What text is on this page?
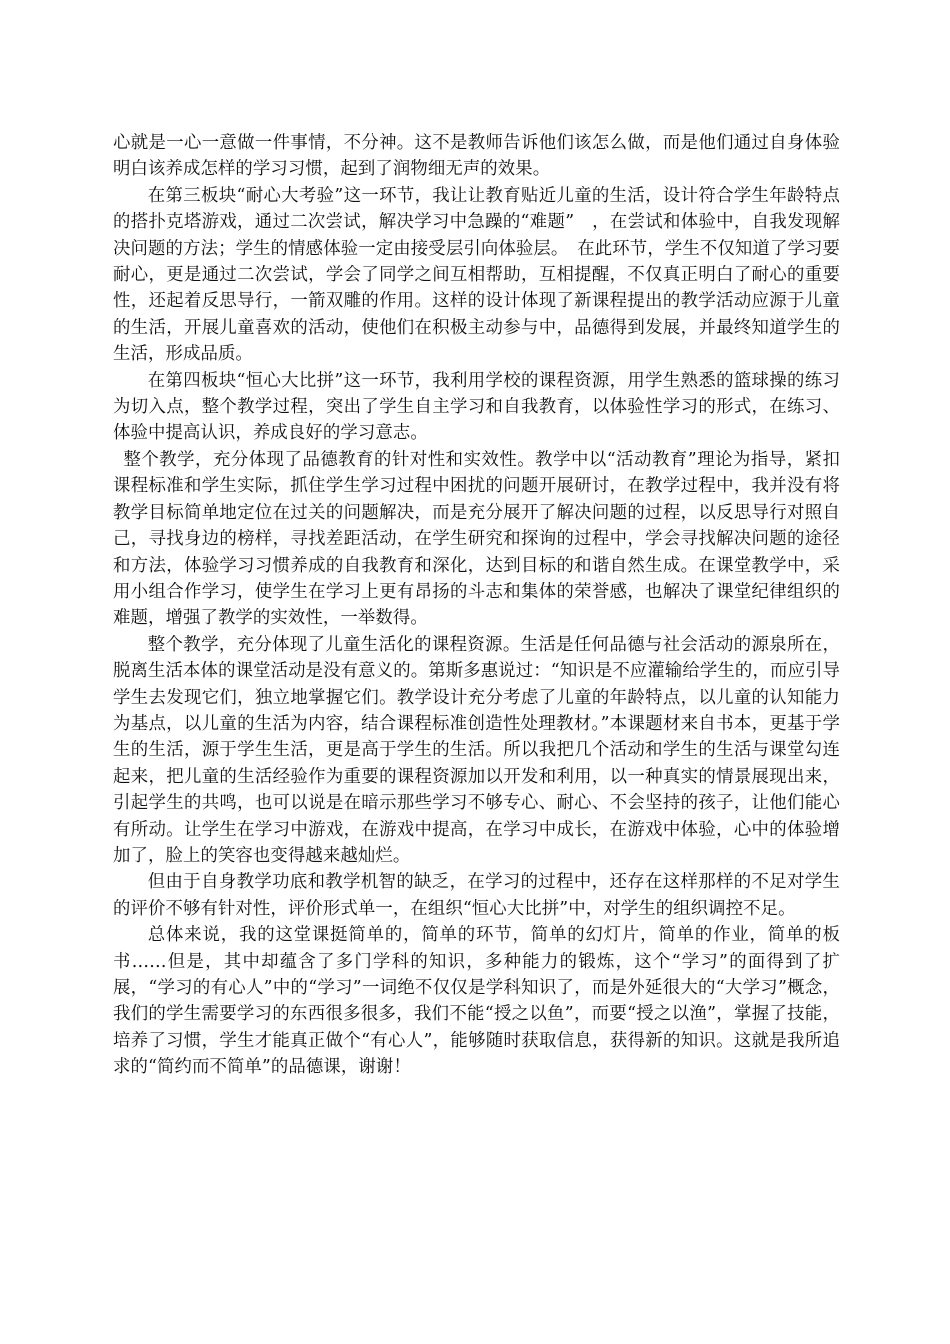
心就是一心一意做一件事情，不分神。这不是教师告诉他们该怎么做，而是他们通过自身体验明白该养成怎样的学习习惯，起到了润物细无声的效果。

在第三板块“耐心大考验”这一环节，我让让教育贴近儿童的生活，设计符合学生年龄特点的搭扑克塔游戏，通过二次尝试，解决学习中急躁的“难题”　，在尝试和体验中，自我发现解决问题的方法；学生的情感体验一定由接受层引向体验层。　在此环节，学生不仅知道了学习要耐心，更是通过二次尝试，学会了同学之间互相帮助，互相提醒，不仅真正明白了耐心的重要性，还起着反思导行，一箭双雕的作用。这样的设计体现了新课程提出的教学活动应源于儿童的生活，开展儿童喜欢的活动，使他们在积极主动参与中，品德得到发展，并最终知道学生的生活，形成品质。

在第四板块“恒心大比拼”这一环节，我利用学校的课程资源，用学生熟悉的篮球操的练习为切入点，整个教学过程，突出了学生自主学习和自我教育，以体验性学习的形式，在练习、体验中提高认识，养成良好的学习意志。

整个教学，充分体现了品德教育的针对性和实效性。教学中以“活动教育”理论为指导，紧扣课程标准和学生实际，抓住学生学习过程中困扰的问题开展研讨，在教学过程中，我并没有将教学目标简单地定位在过关的问题解决，而是充分展开了解决问题的过程，以反思导行对照自己，寻找身边的榜样，寻找差距活动，在学生研究和探询的过程中，学会寻找解决问题的途径和方法，体验学习习惯养成的自我教育和深化，达到目标的和谐自然生成。在课堂教学中，采用小组合作学习，使学生在学习上更有昂扬的斗志和集体的荣誉感，也解决了课堂纪律组织的难题，增强了教学的实效性，一举数得。

整个教学，充分体现了儿童生活化的课程资源。生活是任何品德与社会活动的源泉所在，脱离生活本体的课堂活动是没有意义的。第斯多惠说过：“知识是不应灌输给学生的，而应引导学生去发现它们，独立地掌握它们。教学设计充分考虑了儿童的年龄特点，以儿童的认知能力为基点，以儿童的生活为内容，结合课程标准创造性处理教材。”本课题材来自书本，更基于学生的生活，源于学生生活，更是高于学生的生活。所以我把几个活动和学生的生活与课堂勾连起来，把儿童的生活经验作为重要的课程资源加以开发和利用，以一种真实的情景展现出来，引起学生的共鸣，也可以说是在暗示那些学习不够专心、耐心、不会坚持的孩子，让他们能心有所动。让学生在学习中游戏，在游戏中提高，在学习中成长，在游戏中体验，心中的体验增加了，脸上的笑容也变得越来越灿烂。

但由于自身教学功底和教学机智的缺乏，在学习的过程中，还存在这样那样的不足对学生的评价不够有针对性，评价形式单一，在组织“恒心大比拼”中，对学生的组织调控不足。

总体来说，我的这堂课挺简单的，简单的环节，简单的幻灯片，简单的作业，简单的板书……但是，其中却蕴含了多门学科的知识，多种能力的锻炼，这个“学习”的面得到了扩展，“学习的有心人”中的“学习”一词绝不仅仅是学科知识了，而是外延很大的“大学习”概念，我们的学生需要学习的东西很多很多，我们不能“授之以鱼”，而要“授之以渔”，掌握了技能，培养了习惯，学生才能真正做个“有心人”，能够随时获取信息，获得新的知识。这就是我所追求的“简约而不简单”的品德课，谢谢！
